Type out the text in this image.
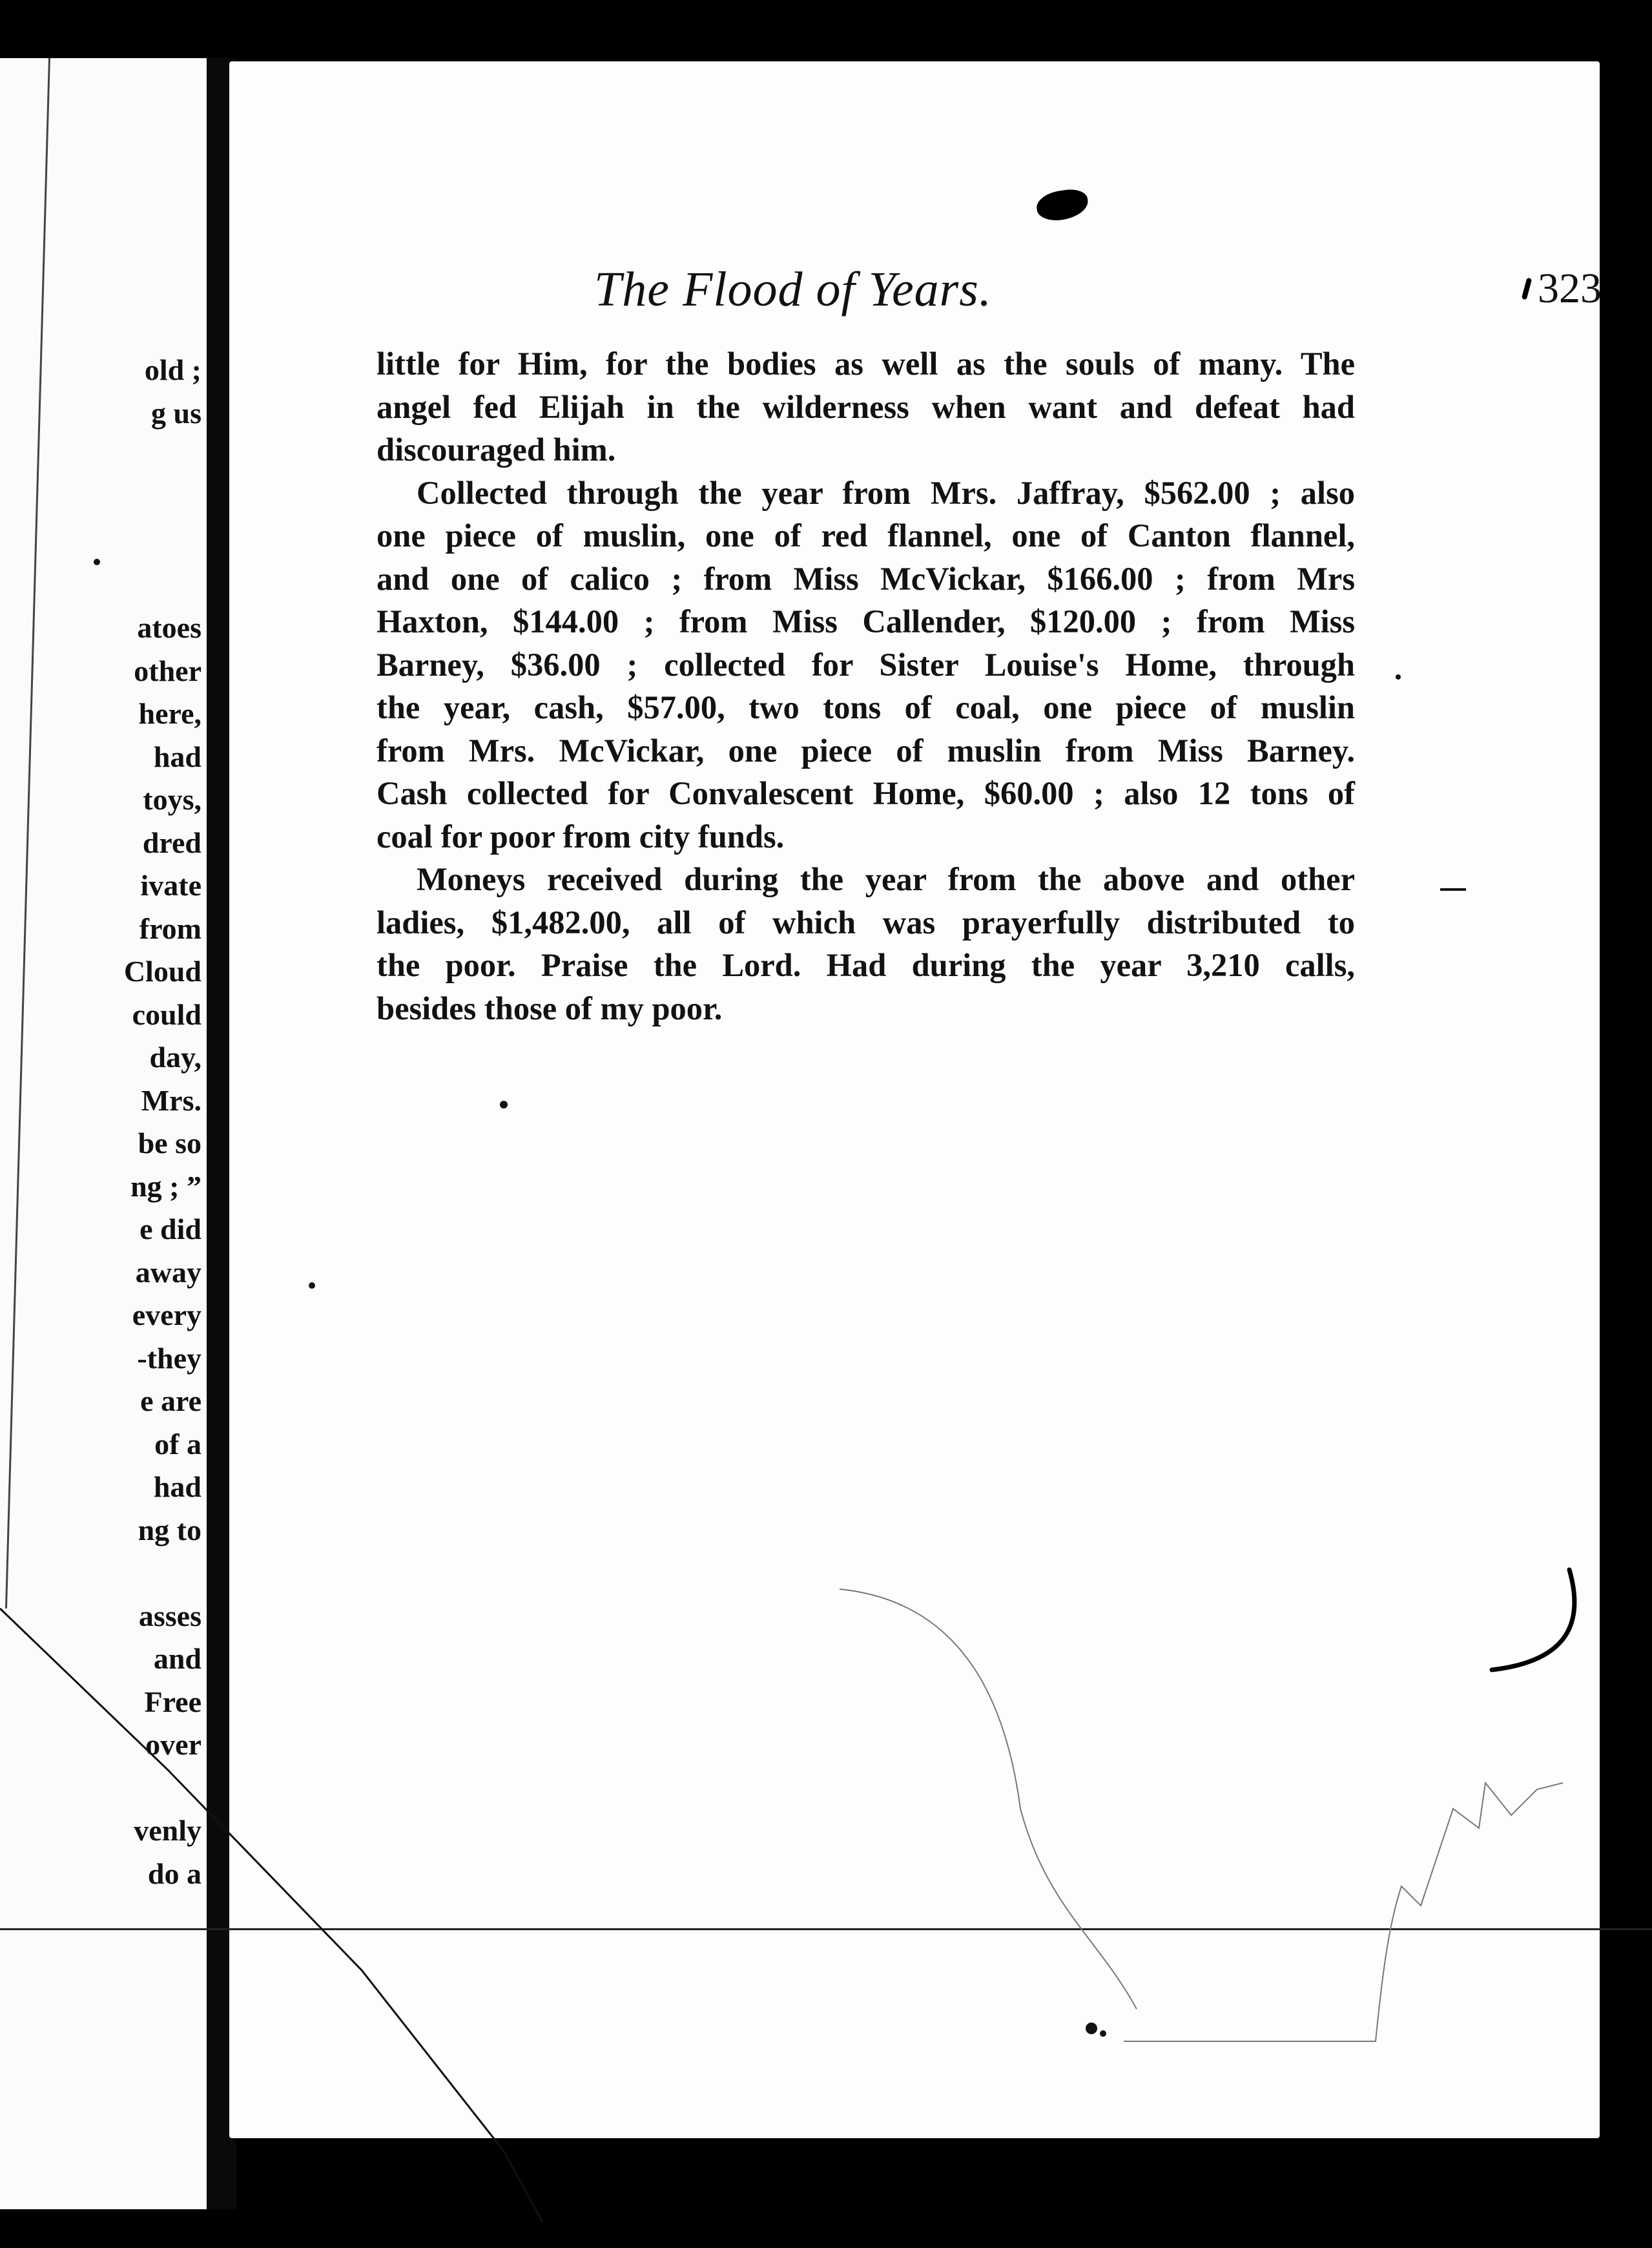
old ;
g us
atoes
other
here,
had
toys,
dred
ivate
from
Cloud
could
day,
Mrs.
be so
ng ; ”
e did
away
every
-they
e are
of a
had
ng to
asses
and
Free
over
venly
do a
The Flood of Years.	323
little for Him, for the bodies as well as the souls of many. The
angel fed Elijah in the wilderness when want and defeat had
discouraged him.
Collected through the year from Mrs. Jaffray, $562.00 ; also
one piece of muslin, one of red flannel, one of Canton flannel,
and one of calico ; from Miss McVickar, $166.00 ; from Mrs
Haxton, $144.00 ; from Miss Callender, $120.00 ; from Miss
Barney, $36.00 ; collected for Sister Louise's Home, through
the year, cash, $57.00, two tons of coal, one piece of muslin
from Mrs. McVickar, one piece of muslin from Miss Barney.
Cash collected for Convalescent Home, $60.00 ; also 12 tons of
coal for poor from city funds.
Moneys received during the year from the above and other
ladies, $1,482.00, all of which was prayerfully distributed to
the poor. Praise the Lord. Had during the year 3,210 calls,
besides those of my poor.
